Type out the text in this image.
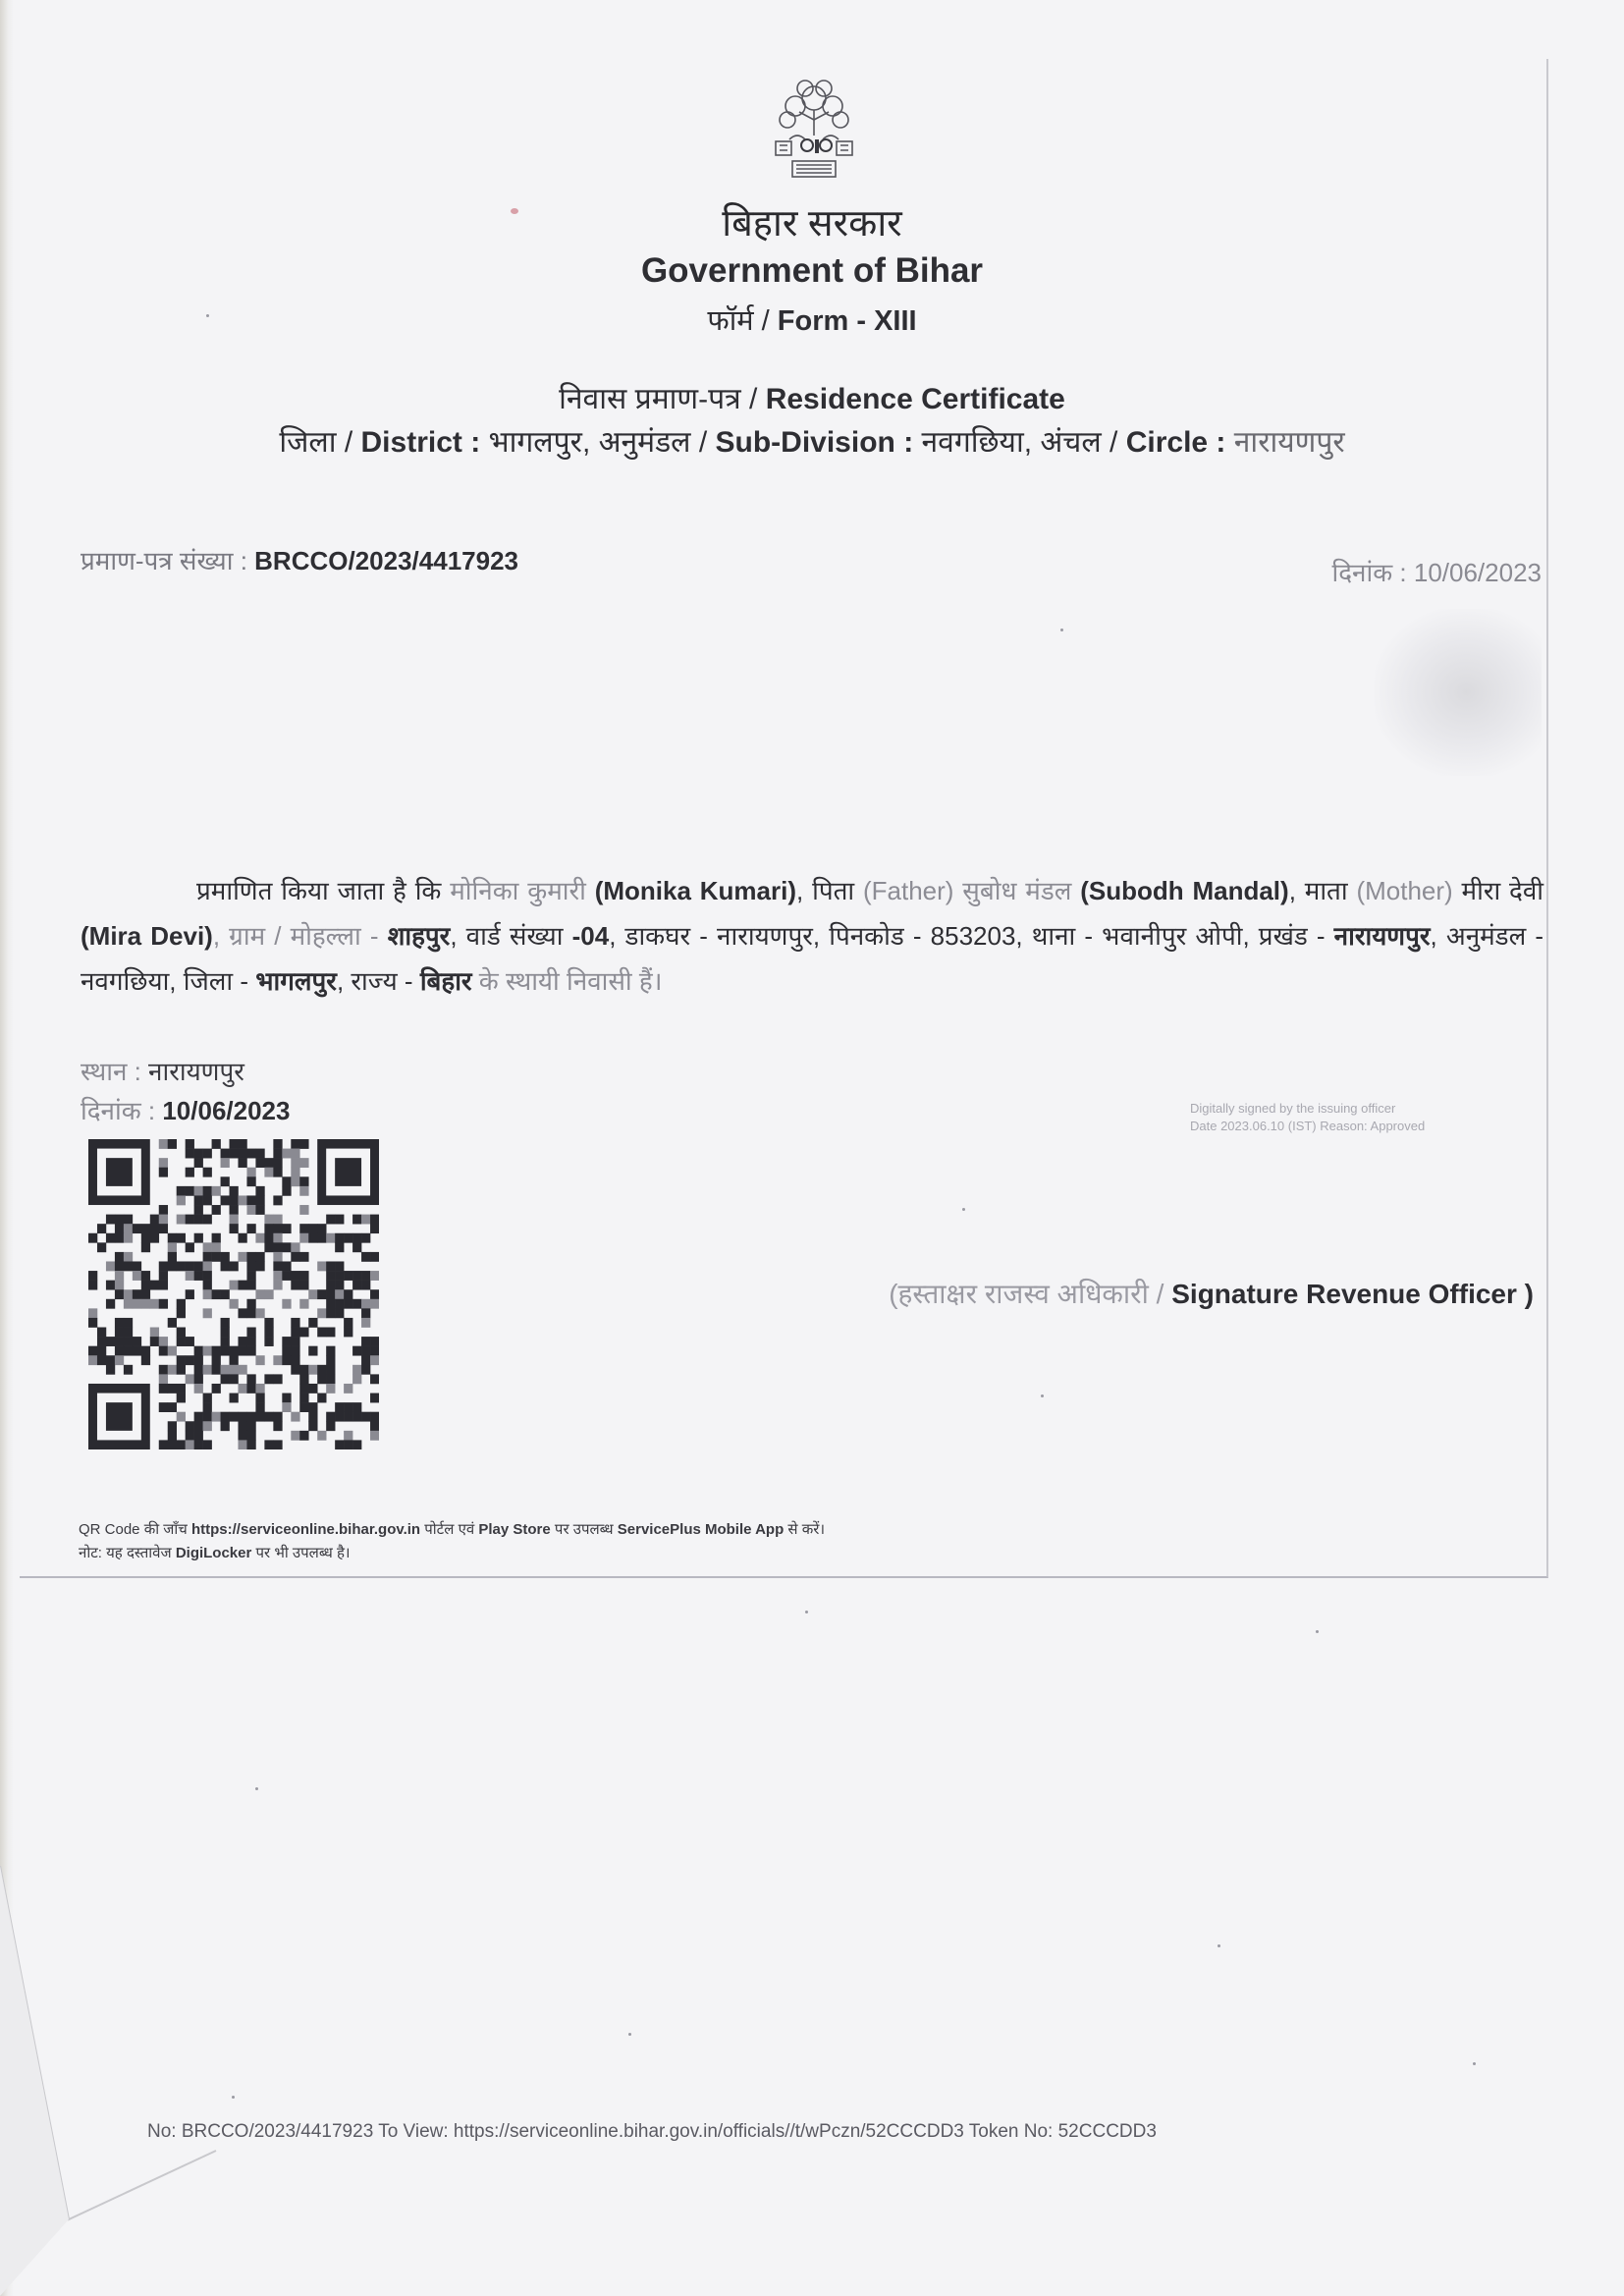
बिहार सरकार
Government of Bihar
फॉर्म / Form - XIII
निवास प्रमाण-पत्र / Residence Certificate
जिला / District : भागलपुर, अनुमंडल / Sub-Division : नवगछिया, अंचल / Circle : नारायणपुर
प्रमाण-पत्र संख्या : BRCCO/2023/4417923	दिनांक : 10/06/2023
प्रमाणित किया जाता है कि मोनिका कुमारी (Monika Kumari), पिता (Father) सुबोध मंडल (Subodh Mandal), माता (Mother) मीरा देवी (Mira Devi), ग्राम / मोहल्ला - शाहपुर, वार्ड संख्या -04, डाकघर - नारायणपुर, पिनकोड - 853203, थाना - भवानीपुर ओपी, प्रखंड - नारायणपुर, अनुमंडल - नवगछिया, जिला - भागलपुर, राज्य - बिहार के स्थायी निवासी हैं।
स्थान : नारायणपुर
दिनांक : 10/06/2023	Digitally signed by the issuing officer
Date 2023.06.10 (IST) Reason: Approved
(हस्ताक्षर राजस्व अधिकारी / Signature Revenue Officer )
QR Code की जाँच https://serviceonline.bihar.gov.in पोर्टल एवं Play Store पर उपलब्ध ServicePlus Mobile App से करें।
नोट: यह दस्तावेज DigiLocker पर भी उपलब्ध है।
No: BRCCO/2023/4417923 To View: https://serviceonline.bihar.gov.in/officials//t/wPczn/52CCCDD3 Token No: 52CCCDD3
